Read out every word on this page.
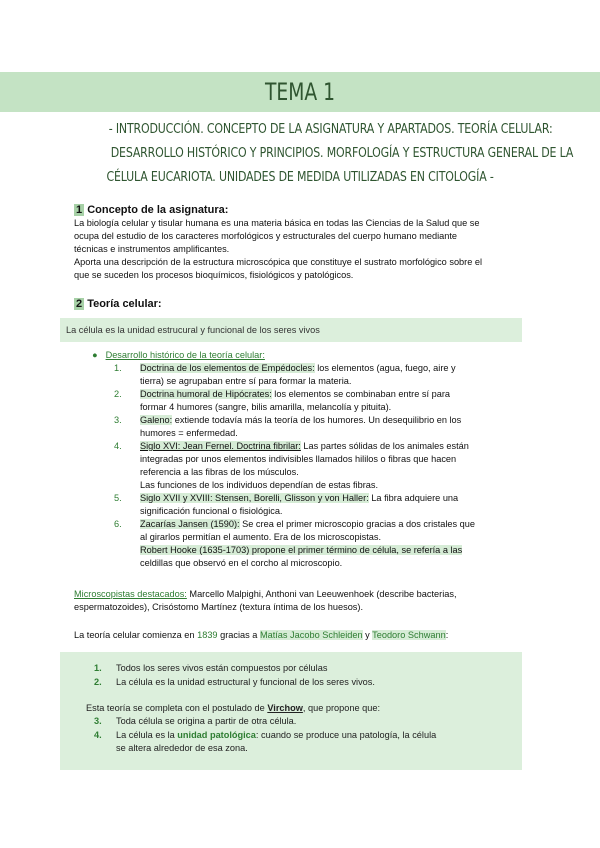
TEMA 1
- INTRODUCCIÓN. CONCEPTO DE LA ASIGNATURA Y APARTADOS. TEORÍA CELULAR:
DESARROLLO HISTÓRICO Y PRINCIPIOS. MORFOLOGÍA Y ESTRUCTURA GENERAL DE LA
CÉLULA EUCARIOTA. UNIDADES DE MEDIDA UTILIZADAS EN CITOLOGÍA -
1 Concepto de la asignatura:
La biología celular y tisular humana es una materia básica en todas las Ciencias de la Salud que se
ocupa del estudio de los caracteres morfológicos y estructurales del cuerpo humano mediante
técnicas e instrumentos amplificantes.
Aporta una descripción de la estructura microscópica que constituye el sustrato morfológico sobre el
que se suceden los procesos bioquímicos, fisiológicos y patológicos.
2 Teoría celular:
La célula es la unidad estrucural y funcional de los seres vivos
● Desarrollo histórico de la teoría celular:
1. Doctrina de los elementos de Empédocles: los elementos (agua, fuego, aire y
tierra) se agrupaban entre sí para formar la materia.
2. Doctrina humoral de Hipócrates: los elementos se combinaban entre sí para
formar 4 humores (sangre, bilis amarilla, melancolía y pituita).
3. Galeno: extiende todavía más la teoría de los humores. Un desequilibrio en los
humores = enfermedad.
4. Siglo XVI: Jean Fernel. Doctrina fibrilar: Las partes sólidas de los animales están
integradas por unos elementos indivisibles llamados hililos o fibras que hacen
referencia a las fibras de los músculos.
Las funciones de los individuos dependían de estas fibras.
5. Siglo XVII y XVIII: Stensen, Borelli, Glisson y von Haller: La fibra adquiere una
significación funcional o fisiológica.
6. Zacarías Jansen (1590): Se crea el primer microscopio gracias a dos cristales que
al girarlos permitían el aumento. Era de los microscopistas.
Robert Hooke (1635-1703) propone el primer término de célula, se refería a las
celdillas que observó en el corcho al microscopio.
Microscopistas destacados: Marcello Malpighi, Anthoni van Leeuwenhoek (describe bacterias,
espermatozoides), Crisóstomo Martínez (textura íntima de los huesos).
La teoría celular comienza en 1839 gracias a Matías Jacobo Schleiden y Teodoro Schwann:
1. Todos los seres vivos están compuestos por células
2. La célula es la unidad estructural y funcional de los seres vivos.
Esta teoría se completa con el postulado de Virchow, que propone que:
3. Toda célula se origina a partir de otra célula.
4. La célula es la unidad patológica: cuando se produce una patología, la célula
se altera alrededor de esa zona.
